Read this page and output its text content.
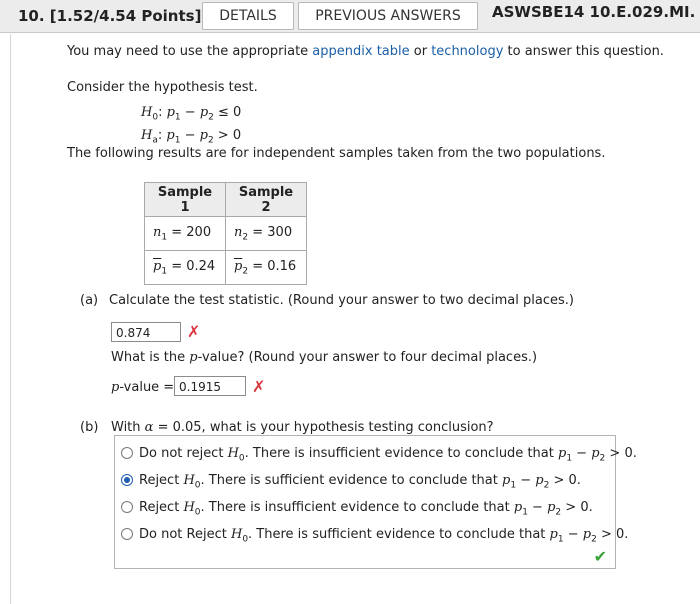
10. [1.52/4.54 Points]	DETAILS	PREVIOUS ANSWERS	ASWSBE14 10.E.029.MI.
You may need to use the appropriate appendix table or technology to answer this question.
Consider the hypothesis test.
$H_0$: $p_1 - p_2 \le 0$
$H_a$: $p_1 - p_2 > 0$
The following results are for independent samples taken from the two populations.
Sample 1	Sample 2
$n_1 = 200$	$n_2 = 300$
$\overline{p}_1 = 0.24$	$\overline{p}_2 = 0.16$
(a) Calculate the test statistic. (Round your answer to two decimal places.)
0.874	✗
What is the p-value? (Round your answer to four decimal places.)
p-value = 0.1915	✗
(b) With α = 0.05, what is your hypothesis testing conclusion?
Do not reject $H_0$. There is insufficient evidence to conclude that $p_1 - p_2 > 0$.
Reject $H_0$. There is sufficient evidence to conclude that $p_1 - p_2 > 0$.
Reject $H_0$. There is insufficient evidence to conclude that $p_1 - p_2 > 0$.
Do not Reject $H_0$. There is sufficient evidence to conclude that $p_1 - p_2 > 0$.
✔
